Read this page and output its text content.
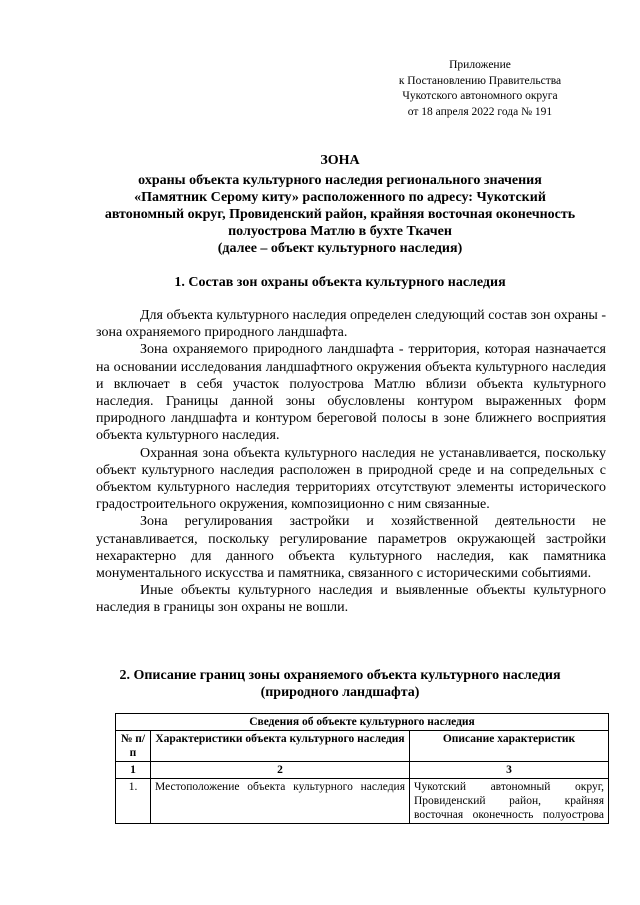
Приложение
к Постановлению Правительства
Чукотского автономного округа
от 18 апреля 2022 года № 191
ЗОНА
охраны объекта культурного наследия регионального значения
«Памятник Серому киту» расположенного по адресу: Чукотский
автономный округ, Провиденский район, крайняя восточная оконечность
полуострова Матлю в бухте Ткачен
(далее – объект культурного наследия)
1. Состав зон охраны объекта культурного наследия

Для объекта культурного наследия определен следующий состав зон охраны - зона охраняемого природного ландшафта.

Зона охраняемого природного ландшафта - территория, которая назначается на основании исследования ландшафтного окружения объекта культурного наследия и включает в себя участок полуострова Матлю вблизи объекта культурного наследия. Границы данной зоны обусловлены контуром выраженных форм природного ландшафта и контуром береговой полосы в зоне ближнего восприятия объекта культурного наследия.

Охранная зона объекта культурного наследия не устанавливается, поскольку объект культурного наследия расположен в природной среде и на сопредельных с объектом культурного наследия территориях отсутствуют элементы исторического градостроительного окружения, композиционно с ним связанные.

Зона регулирования застройки и хозяйственной деятельности не устанавливается, поскольку регулирование параметров окружающей застройки нехарактерно для данного объекта культурного наследия, как памятника монументального искусства и памятника, связанного с историческими событиями.

Иные объекты культурного наследия и выявленные объекты культурного наследия в границы зон охраны не вошли.

2. Описание границ зоны охраняемого объекта культурного наследия
(природного ландшафта)
Сведения об объекте культурного наследия		
№ п/п	Характеристики объекта культурного наследия	Описание характеристик
1	2	3
1.	Местоположение объекта культурного наследия	Чукотский автономный округ, Провиденский район, крайняя восточная оконечность полуострова
